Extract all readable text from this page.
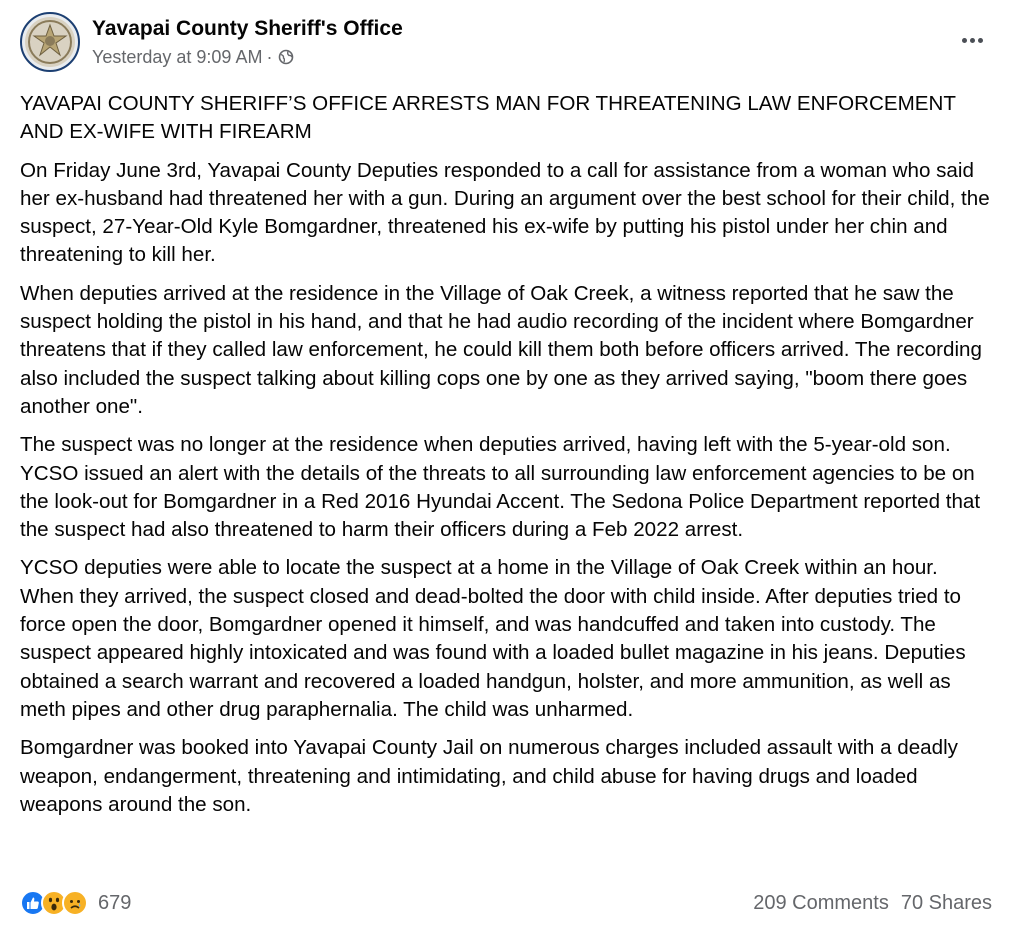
Yavapai County Sheriff's Office
Yesterday at 9:09 AM ·
YAVAPAI COUNTY SHERIFF’S OFFICE ARRESTS MAN FOR THREATENING LAW ENFORCEMENT AND EX-WIFE WITH FIREARM
On Friday June 3rd, Yavapai County Deputies responded to a call for assistance from a woman who said her ex-husband had threatened her with a gun. During an argument over the best school for their child, the suspect, 27-Year-Old Kyle Bomgardner, threatened his ex-wife by putting his pistol under her chin and threatening to kill her.
When deputies arrived at the residence in the Village of Oak Creek, a witness reported that he saw the suspect holding the pistol in his hand, and that he had audio recording of the incident where Bomgardner threatens that if they called law enforcement, he could kill them both before officers arrived. The recording also included the suspect talking about killing cops one by one as they arrived saying, "boom there goes another one".
The suspect was no longer at the residence when deputies arrived, having left with the 5-year-old son. YCSO issued an alert with the details of the threats to all surrounding law enforcement agencies to be on the look-out for Bomgardner in a Red 2016 Hyundai Accent. The Sedona Police Department reported that the suspect had also threatened to harm their officers during a Feb 2022 arrest.
YCSO deputies were able to locate the suspect at a home in the Village of Oak Creek within an hour. When they arrived, the suspect closed and dead-bolted the door with child inside. After deputies tried to force open the door, Bomgardner opened it himself, and was handcuffed and taken into custody. The suspect appeared highly intoxicated and was found with a loaded bullet magazine in his jeans. Deputies obtained a search warrant and recovered a loaded handgun, holster, and more ammunition, as well as meth pipes and other drug paraphernalia. The child was unharmed.
Bomgardner was booked into Yavapai County Jail on numerous charges included assault with a deadly weapon, endangerment, threatening and intimidating, and child abuse for having drugs and loaded weapons around the son.
679	209 Comments 70 Shares
